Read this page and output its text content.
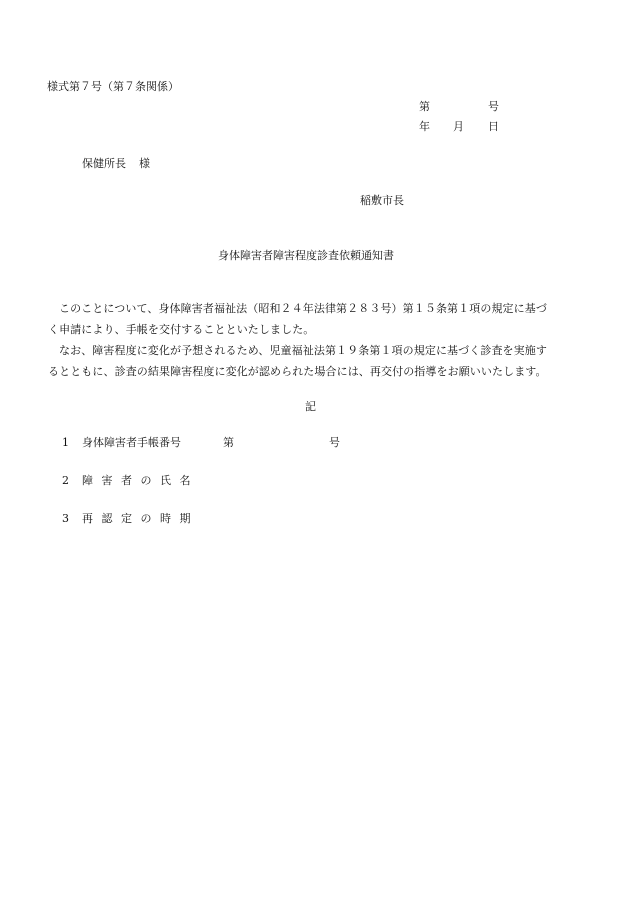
様式第７号（第７条関係）
第	号
年 月 日
保健所長 様
稲敷市長
身体障害者障害程度診査依頼通知書
このことについて、身体障害者福祉法（昭和２４年法律第２８３号）第１５条第１項の規定に基づ
く申請により、手帳を交付することといたしました。
なお、障害程度に変化が予想されるため、児童福祉法第１９条第１項の規定に基づく診査を実施す
るとともに、診査の結果障害程度に変化が認められた場合には、再交付の指導をお願いいたします。
記
1 身体障害者手帳番号	第	号
2 障 害 者 の 氏 名
3 再 認 定 の 時 期
